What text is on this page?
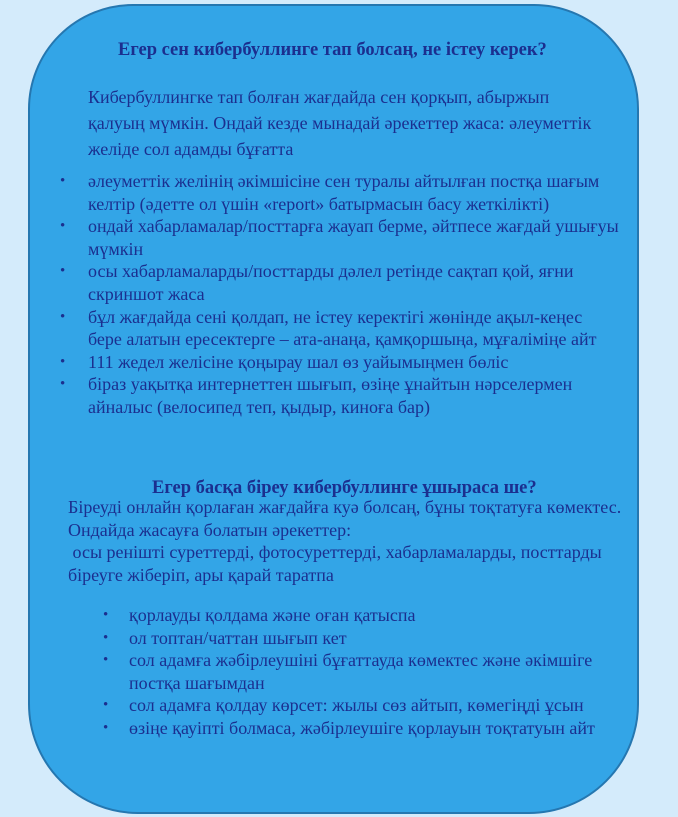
Егер сен кибербуллинге тап болсаң, не істеу керек?
Кибербуллингке тап болған жағдайда сен қорқып, абыржып қалуың мүмкін. Ондай кезде мынадай әрекеттер жаса: әлеуметтік желіде сол адамды бұғатта
• әлеуметтік желінің әкімшісіне сен туралы айтылған постқа шағым келтір (әдетте ол үшін «report» батырмасын басу жеткілікті)
• ондай хабарламалар/посттарға жауап берме, әйтпесе жағдай ушығуы мүмкін
• осы хабарламаларды/посттарды дәлел ретінде сақтап қой, яғни скриншот жаса
• бұл жағдайда сені қолдап, не істеу керектігі жөнінде ақыл-кеңес бере алатын ересектерге – ата-анаңа, қамқоршыңа, мұғаліміңе айт
• 111 жедел желісіне қоңырау шал өз уайымыңмен бөліс
• біраз уақытқа интернеттен шығып, өзіңе ұнайтын нәрселермен айналыс (велосипед теп, қыдыр, киноға бар)
Егер басқа біреу кибербуллинге ұшыраса ше?
Біреуді онлайн қорлаған жағдайға куә болсаң, бұны тоқтатуға көмектес. Ондайда жасауға болатын әрекеттер:
осы ренішті суреттерді, фотосуреттерді, хабарламаларды, посттарды біреуге жіберіп, ары қарай таратпа
• қорлауды қолдама және оған қатыспа
• ол топтан/чаттан шығып кет
• сол адамға жәбірлеушіні бұғаттауда көмектес және әкімшіге постқа шағымдан
• сол адамға қолдау көрсет: жылы сөз айтып, көмегіңді ұсын
• өзіңе қауіпті болмаса, жәбірлеушіге қорлауын тоқтатуын айт
